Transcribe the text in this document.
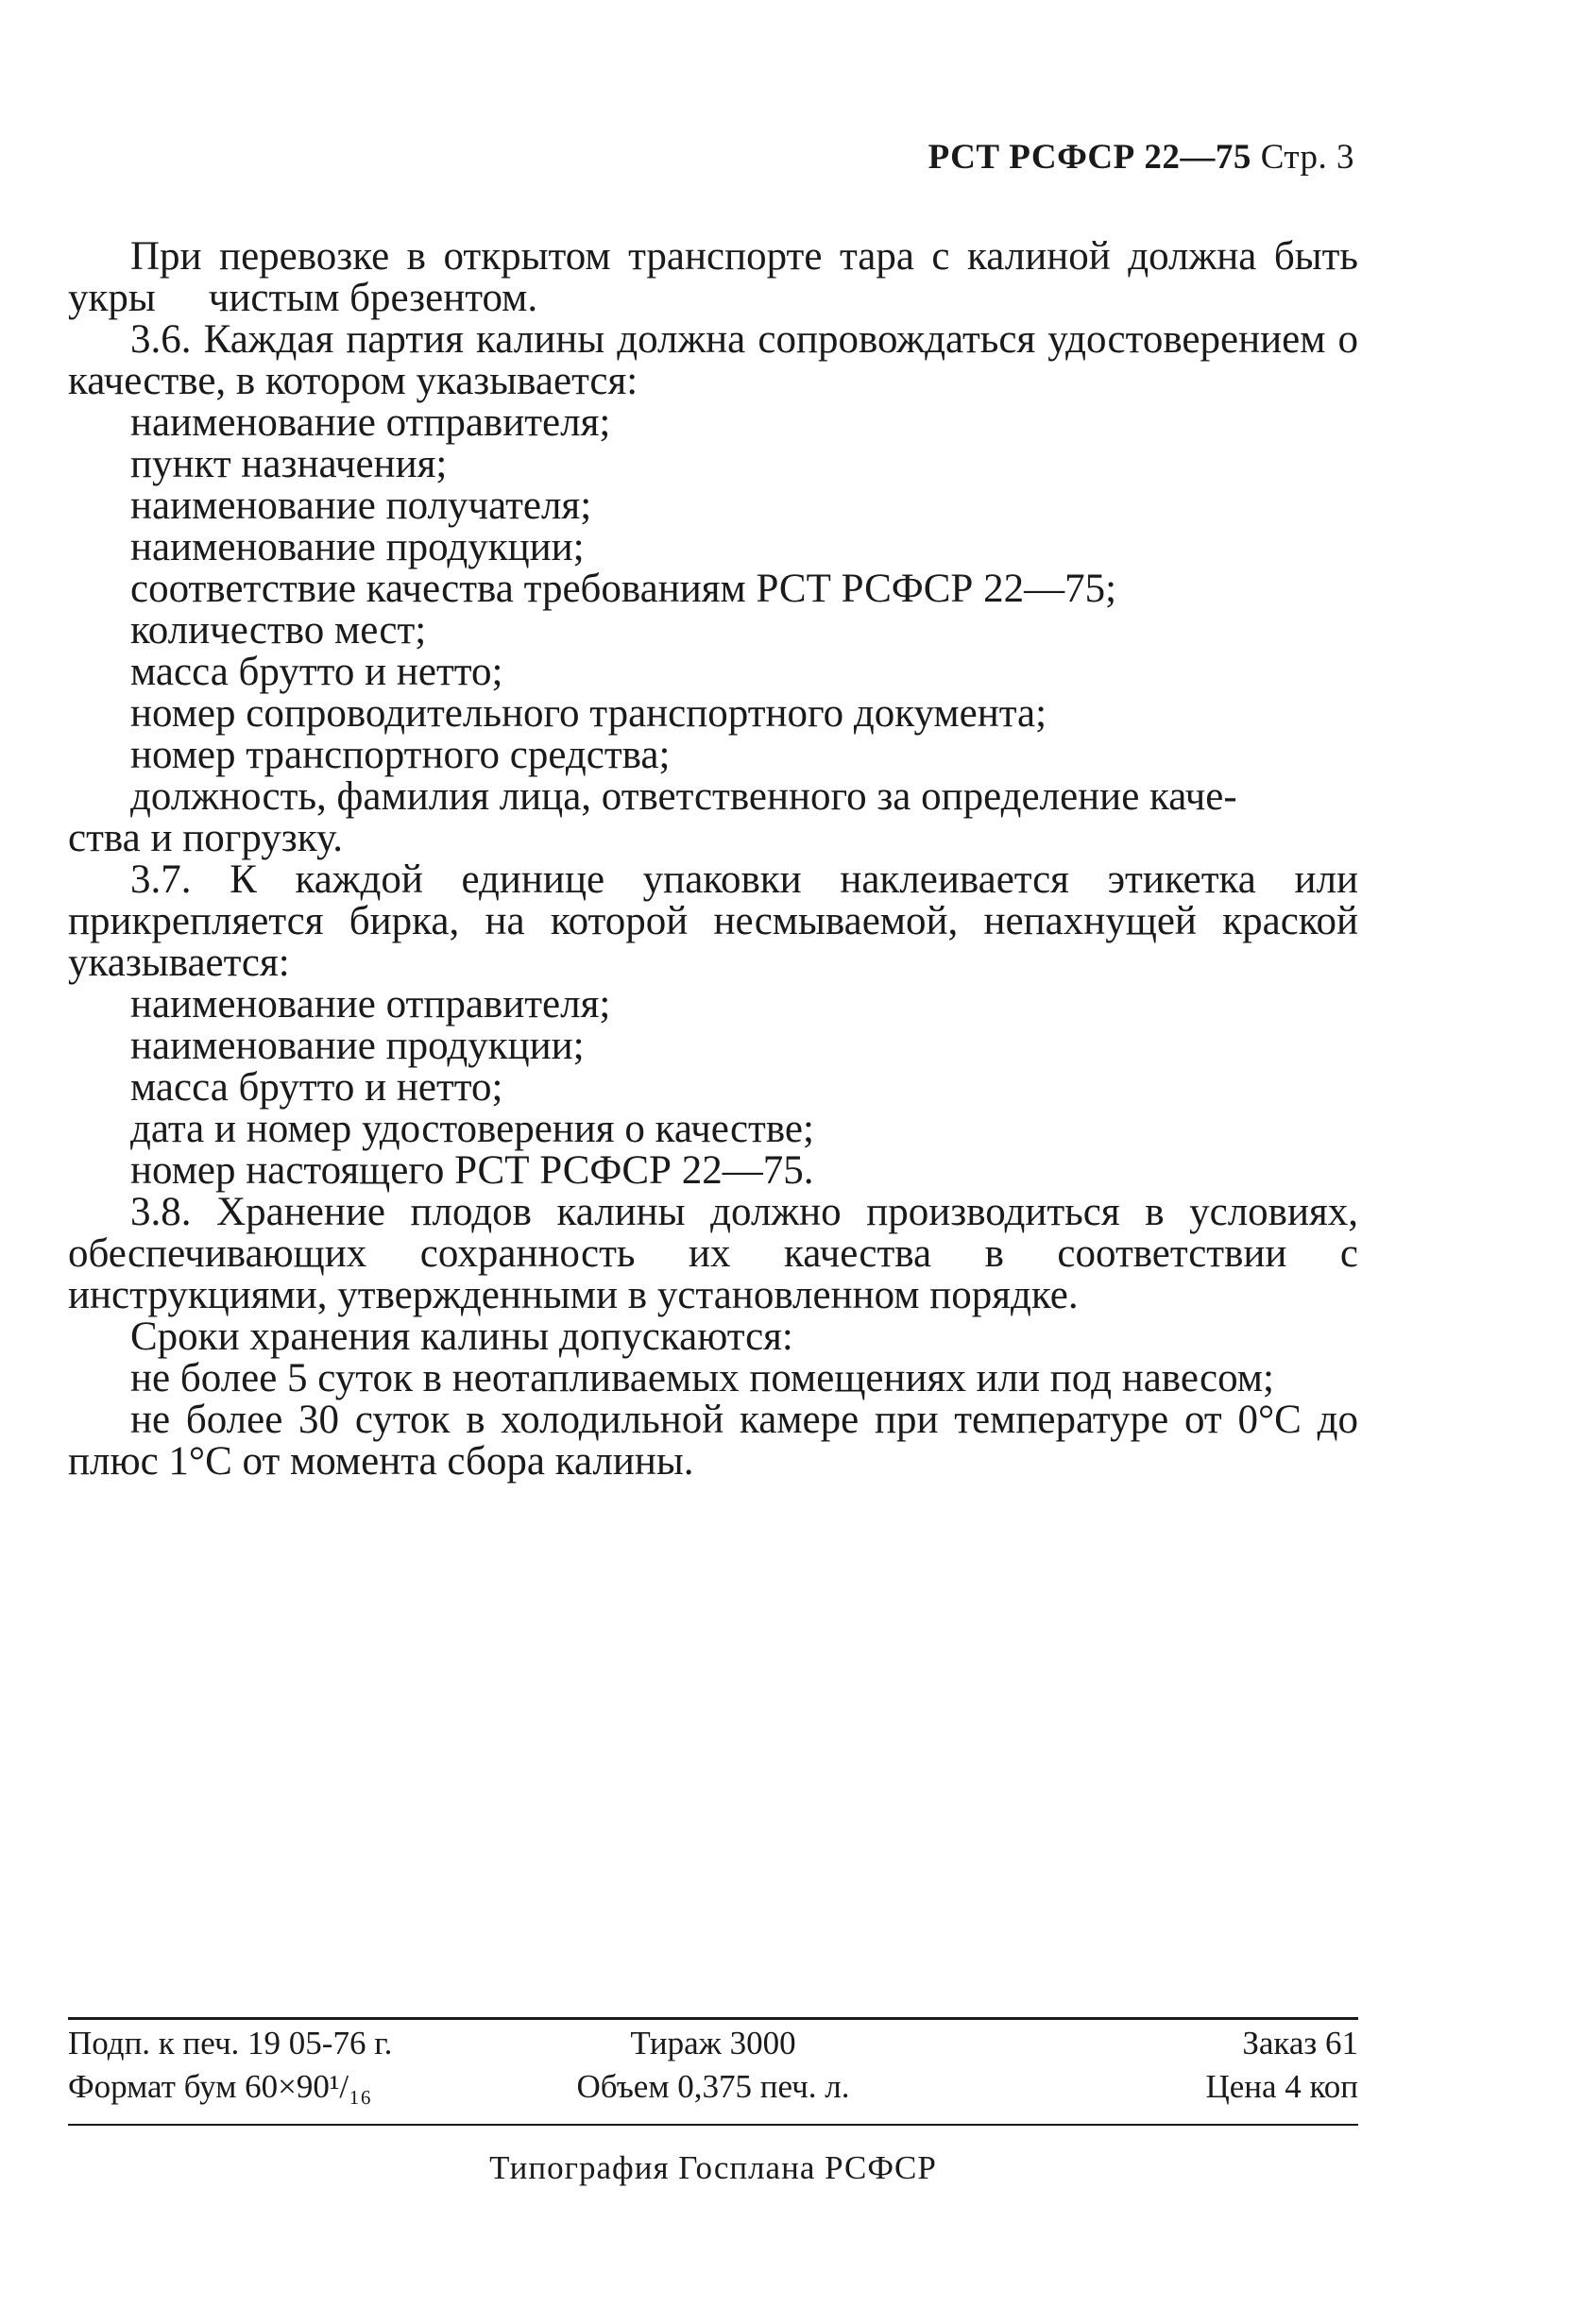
РСТ РСФСР 22—75 Стр. 3

При перевозке в открытом транспорте тара с калиной должна быть укры чистым брезентом.

3.6. Каждая партия калины должна сопровождаться удостоверением о качестве, в котором указывается:

наименование отправителя;

пункт назначения;

наименование получателя;

наименование продукции;

соответствие качества требованиям РСТ РСФСР 22—75;

количество мест;

масса брутто и нетто;

номер сопроводительного транспортного документа;

номер транспортного средства;

должность, фамилия лица, ответственного за определение каче-

ства и погрузку.

3.7. К каждой единице упаковки наклеивается этикетка или прикрепляется бирка, на которой несмываемой, непахнущей краской указывается:

наименование отправителя;

наименование продукции;

масса брутто и нетто;

дата и номер удостоверения о качестве;

номер настоящего РСТ РСФСР 22—75.

3.8. Хранение плодов калины должно производиться в условиях, обеспечивающих сохранность их качества в соответствии с инструкциями, утвержденными в установленном порядке.

Сроки хранения калины допускаются:

не более 5 суток в неотапливаемых помещениях или под навесом;

не более 30 суток в холодильной камере при температуре от 0°С до плюс 1°С от момента сбора калины.

Подп. к печ. 19 05-76 г.	Тираж 3000	Заказ 61
Формат бум 60×90¹/₁₆	Объем 0,375 печ. л.	Цена 4 коп
Типография Госплана РСФСР
